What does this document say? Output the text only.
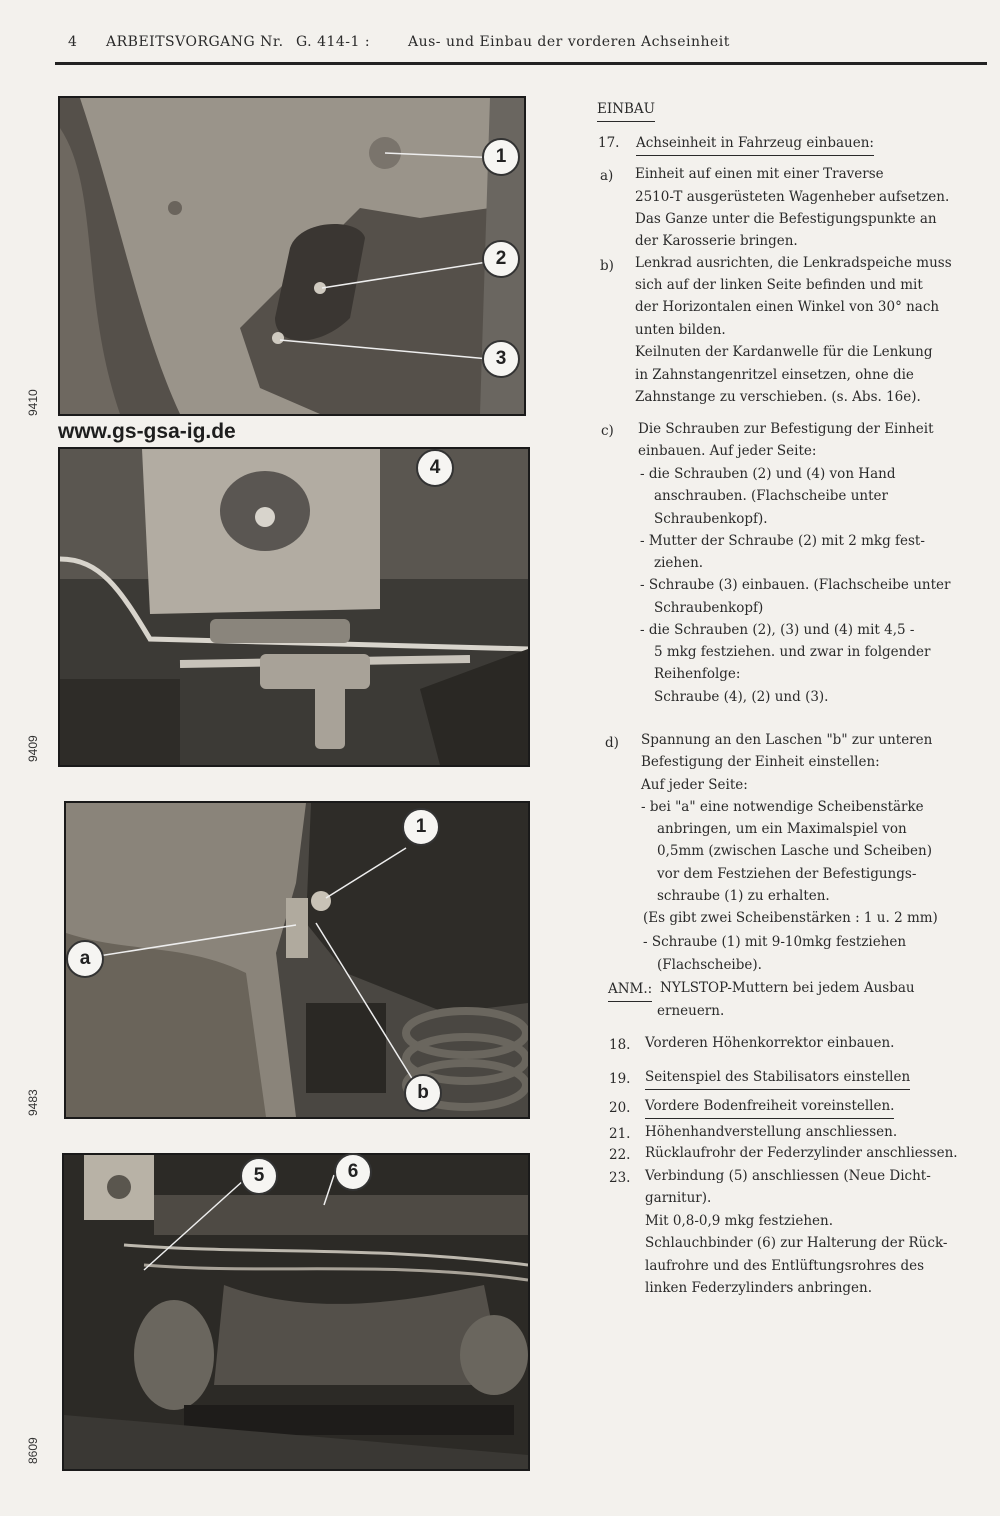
4 ARBEITSVORGANG Nr. G. 414-1 :	Aus- und Einbau der vorderen Achseinheit
1
2
3
9410
www.gs-gsa-ig.de
4
9409
1
a
b
9483
5	6
8609
EINBAU
17. Achseinheit in Fahrzeug einbauen:
a) Einheit auf einen mit einer Traverse
2510-T ausgerüsteten Wagenheber aufsetzen.
Das Ganze unter die Befestigungspunkte an
der Karosserie bringen.
b) Lenkrad ausrichten, die Lenkradspeiche muss
sich auf der linken Seite befinden und mit
der Horizontalen einen Winkel von 30° nach
unten bilden.
Keilnuten der Kardanwelle für die Lenkung
in Zahnstangenritzel einsetzen, ohne die
Zahnstange zu verschieben. (s. Abs. 16e).
c) Die Schrauben zur Befestigung der Einheit
einbauen. Auf jeder Seite:
- die Schrauben (2) und (4) von Hand
anschrauben. (Flachscheibe unter
Schraubenkopf).
- Mutter der Schraube (2) mit 2 mkg fest-
ziehen.
- Schraube (3) einbauen. (Flachscheibe unter
Schraubenkopf)
- die Schrauben (2), (3) und (4) mit 4,5 -
5 mkg festziehen. und zwar in folgender
Reihenfolge:
Schraube (4), (2) und (3).
d) Spannung an den Laschen "b" zur unteren
Befestigung der Einheit einstellen:
Auf jeder Seite:
- bei "a" eine notwendige Scheibenstärke
anbringen, um ein Maximalspiel von
0,5mm (zwischen Lasche und Scheiben)
vor dem Festziehen der Befestigungs-
schraube (1) zu erhalten.
(Es gibt zwei Scheibenstärken : 1 u. 2 mm)
- Schraube (1) mit 9-10mkg festziehen
(Flachscheibe).
ANM.: NYLSTOP-Muttern bei jedem Ausbau
erneuern.
18. Vorderen Höhenkorrektor einbauen.
19. Seitenspiel des Stabilisators einstellen
20. Vordere Bodenfreiheit voreinstellen.
21. Höhenhandverstellung anschliessen.
22. Rücklaufrohr der Federzylinder anschliessen.
23. Verbindung (5) anschliessen (Neue Dicht-
garnitur).
Mit 0,8-0,9 mkg festziehen.
Schlauchbinder (6) zur Halterung der Rück-
laufrohre und des Entlüftungsrohres des
linken Federzylinders anbringen.
